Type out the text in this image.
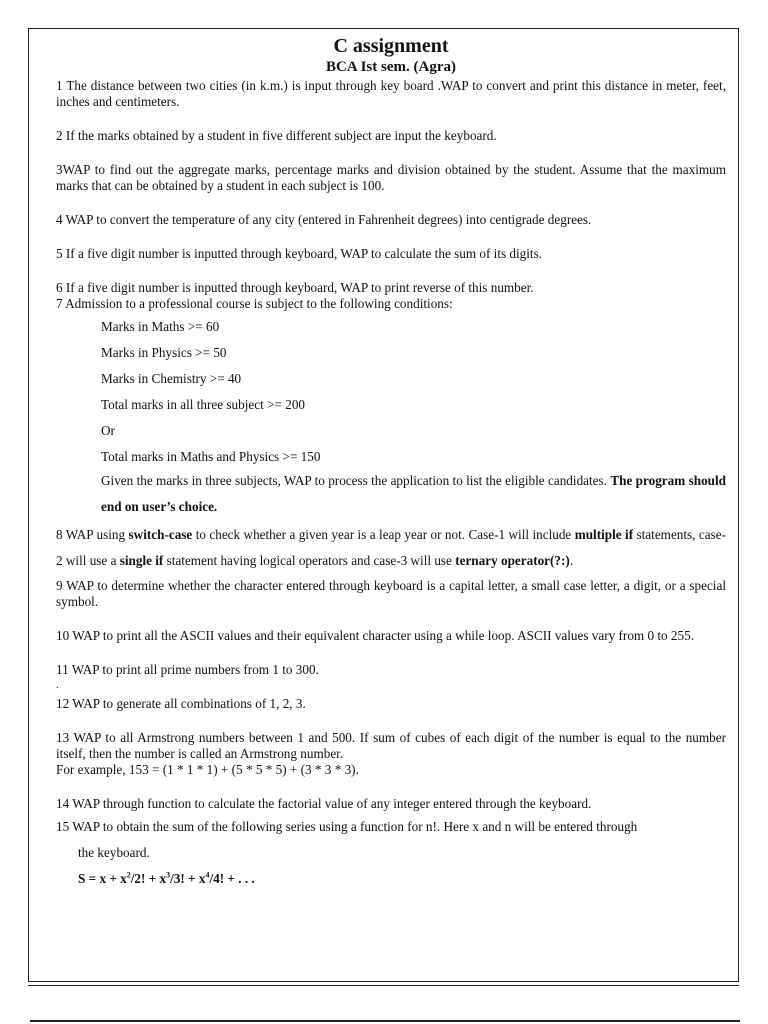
C assignment
BCA Ist sem. (Agra)

1 The distance between two cities (in k.m.) is input through key board .WAP to convert and print this distance in meter, feet, inches and centimeters.

2 If the marks obtained by a student in five different subject are input the keyboard.

3WAP to find out the aggregate marks, percentage marks and division obtained by the student. Assume that the maximum marks that can be obtained by a student in each subject is 100.

4 WAP to convert the temperature of any city (entered in Fahrenheit degrees) into centigrade degrees.

5 If a five digit number is inputted through keyboard, WAP to calculate the sum of its digits.

6 If a five digit number is inputted through keyboard, WAP to print reverse of this number.

7 Admission to a professional course is subject to the following conditions:

Marks in Maths >= 60
Marks in Physics >= 50
Marks in Chemistry >= 40
Total marks in all three subject >= 200
Or
Total marks in Maths and Physics >= 150
Given the marks in three subjects, WAP to process the application to list the eligible candidates. The program should end on user’s choice.
8 WAP using switch-case to check whether a given year is a leap year or not. Case-1 will include multiple if statements, case-2 will use a single if statement having logical operators and case-3 will use ternary operator(?:).

9 WAP to determine whether the character entered through keyboard is a capital letter, a small case letter, a digit, or a special symbol.

10 WAP to print all the ASCII values and their equivalent character using a while loop. ASCII values vary from 0 to 255.

11 WAP to print all prime numbers from 1 to 300.

.

12 WAP to generate all combinations of 1, 2, 3.

13 WAP to all Armstrong numbers between 1 and 500. If sum of cubes of each digit of the number is equal to the number itself, then the number is called an Armstrong number.
For example, 153 = (1 * 1 * 1) + (5 * 5 * 5) + (3 * 3 * 3).

14 WAP through function to calculate the factorial value of any integer entered through the keyboard.

15 WAP to obtain the sum of the following series using a function for n!. Here x and n will be entered through
the keyboard.
$S = x + x^2/2$! + $x^3/3$! + $x^4/4$! + . . .
